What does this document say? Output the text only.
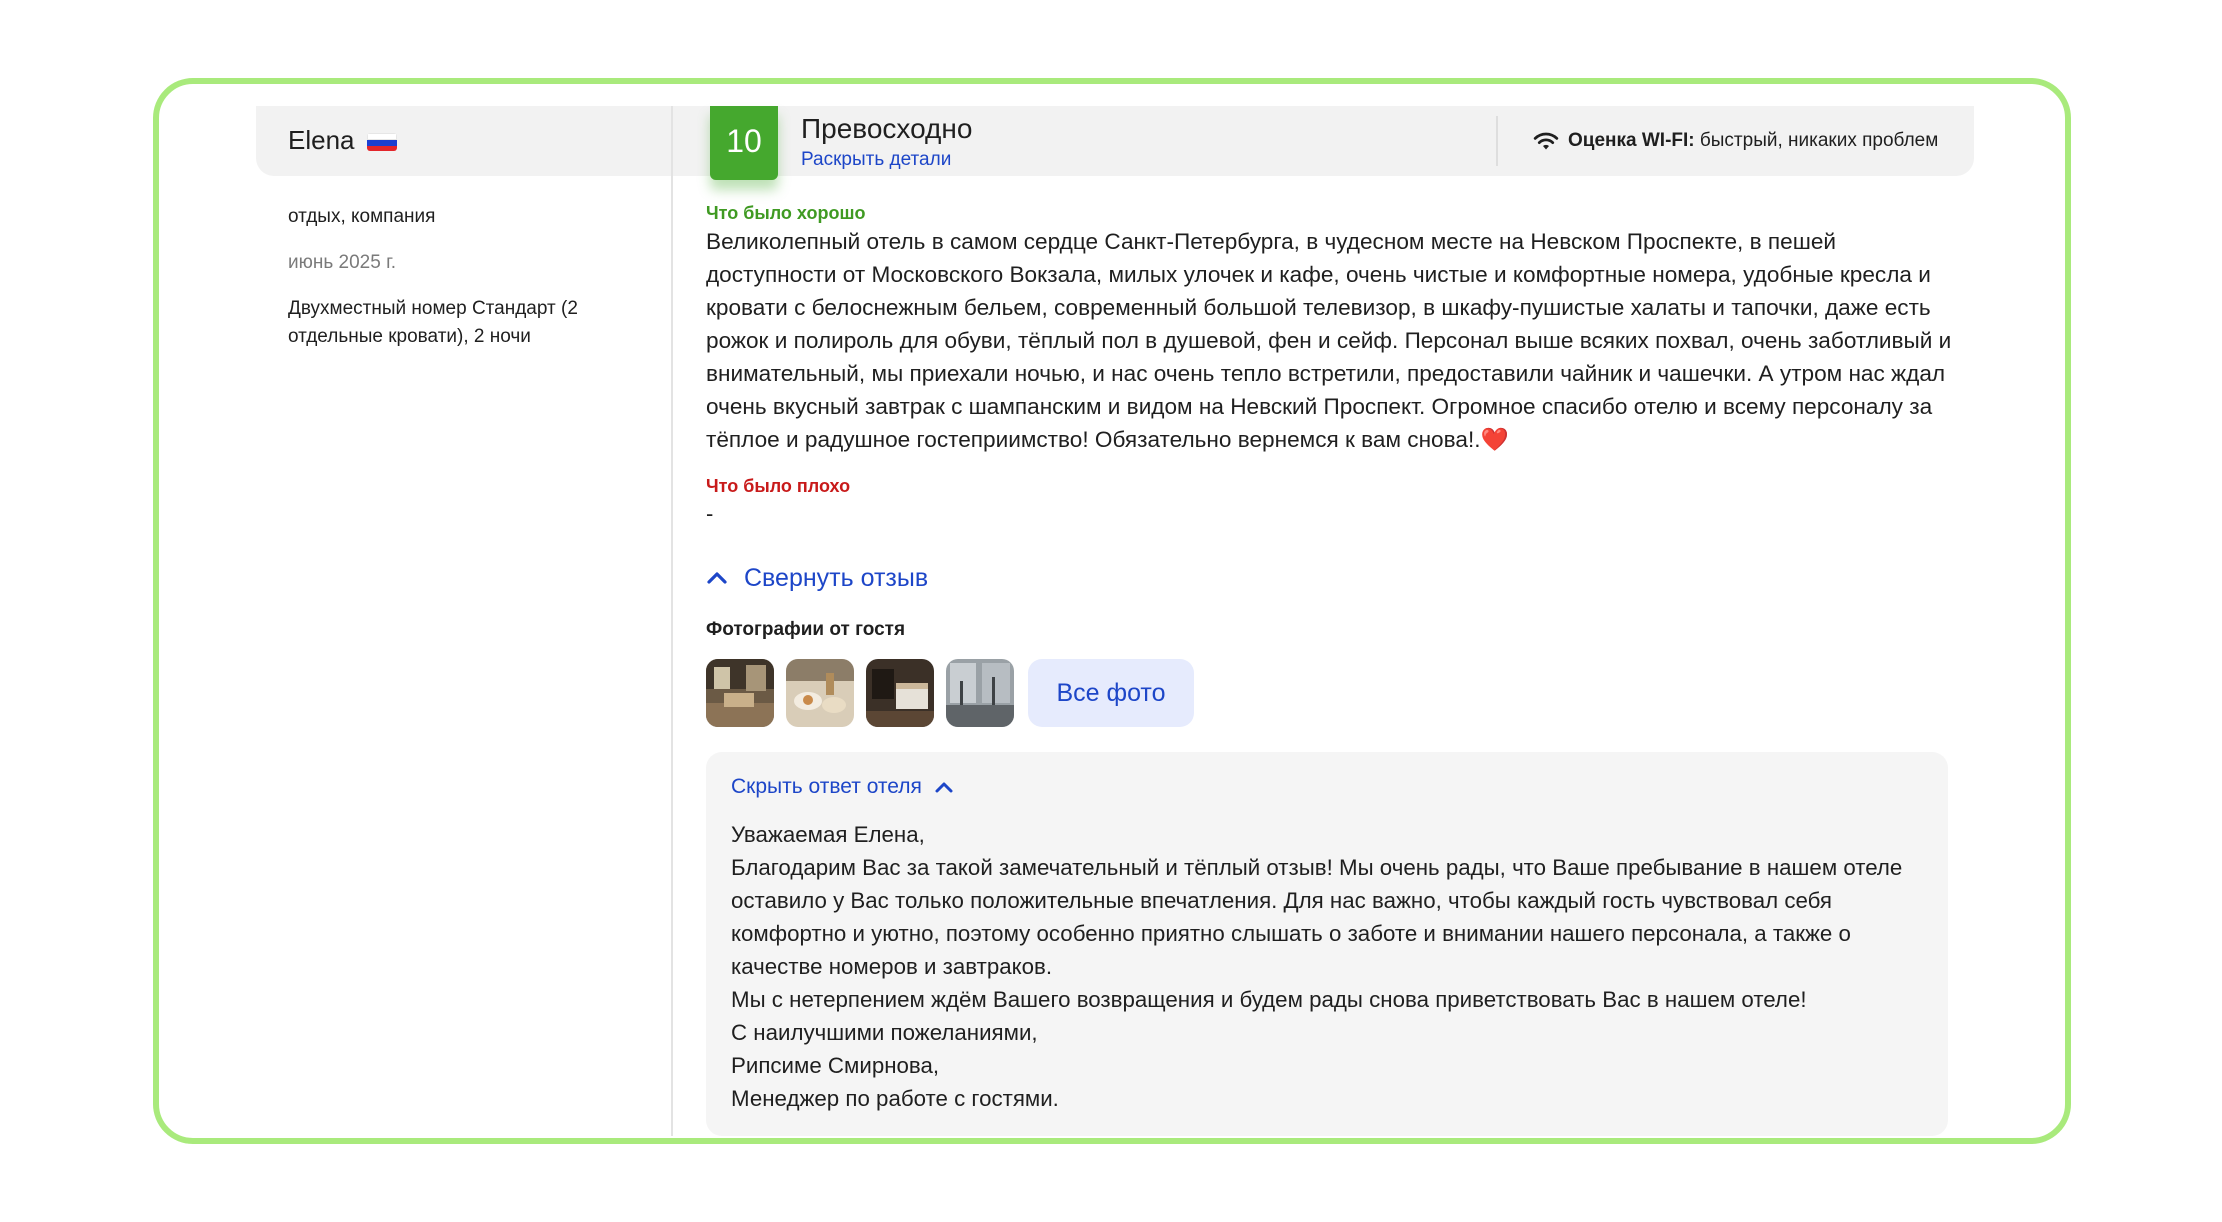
Elena	10	Превосходно
Раскрыть детали
Оценка WI-FI: быстрый, никаких проблем
отдых, компания
июнь 2025 г.
Двухместный номер Стандарт (2 отдельные кровати), 2 ночи
Что было хорошо
Великолепный отель в самом сердце Санкт-Петербурга, в чудесном месте на Невском Проспекте, в пешей доступности от Московского Вокзала, милых улочек и кафе, очень чистые и комфортные номера, удобные кресла и кровати с белоснежным бельем, современный большой телевизор, в шкафу-пушистые халаты и тапочки, даже есть рожок и полироль для обуви, тёплый пол в душевой, фен и сейф. Персонал выше всяких похвал, очень заботливый и внимательный, мы приехали ночью, и нас очень тепло встретили, предоставили чайник и чашечки. А утром нас ждал очень вкусный завтрак с шампанским и видом на Невский Проспект. Огромное спасибо отелю и всему персоналу за тёплое и радушное гостеприимство! Обязательно вернемся к вам снова!.❤️
Что было плохо
-
Свернуть отзыв
Фотографии от гостя
Все фото
Скрыть ответ отеля
Уважаемая Елена,
Благодарим Вас за такой замечательный и тёплый отзыв! Мы очень рады, что Ваше пребывание в нашем отеле оставило у Вас только положительные впечатления. Для нас важно, чтобы каждый гость чувствовал себя комфортно и уютно, поэтому особенно приятно слышать о заботе и внимании нашего персонала, а также о качестве номеров и завтраков.
Мы с нетерпением ждём Вашего возвращения и будем рады снова приветствовать Вас в нашем отеле!
С наилучшими пожеланиями,
Рипсиме Смирнова,
Менеджер по работе с гостями.
